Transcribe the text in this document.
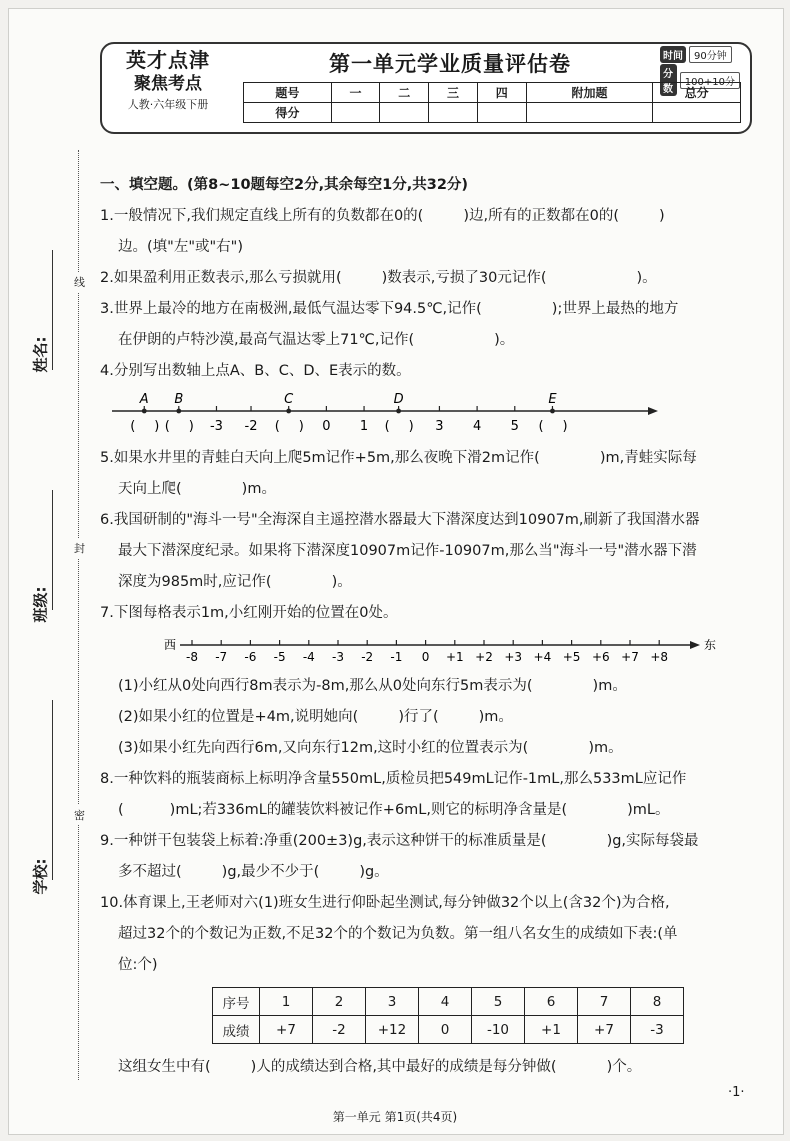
线
封
密
姓名:
班级:
学校:
英才点津
聚焦考点
人教·六年级下册
第一单元学业质量评估卷	时间	90分钟
分数
100+10分
题号	一	二	三	四	附加题	总分
得分						
一、填空题。(第8~10题每空2分,其余每空1分,共32分)
1.一般情况下,我们规定直线上所有的负数都在0的(	)边,所有的正数都在0的(	)
边。(填"左"或"右")
2.如果盈利用正数表示,那么亏损就用(	)数表示,亏损了30元记作(	)。
3.世界上最冷的地方在南极洲,最低气温达零下94.5℃,记作(	);世界上最热的地方
在伊朗的卢特沙漠,最高气温达零上71℃,记作(	)。
4.分别写出数轴上点A、B、C、D、E表示的数。
( )
A
( )
B
-3 -2 ( )
C
0 1 ( )
D
3 4 5 ( )
E
5.如果水井里的青蛙白天向上爬5m记作+5m,那么夜晚下滑2m记作(	)m,青蛙实际每
天向上爬(	)m。
6.我国研制的"海斗一号"全海深自主遥控潜水器最大下潜深度达到10907m,刷新了我国潜水器
最大下潜深度纪录。如果将下潜深度10907m记作-10907m,那么当"海斗一号"潜水器下潜
深度为985m时,应记作(	)。
7.下图每格表示1m,小红刚开始的位置在0处。
西	东
-8 -7 -6 -5 -4 -3 -2 -1 0 +1 +2 +3 +4 +5 +6 +7 +8
(1)小红从0处向西行8m表示为-8m,那么从0处向东行5m表示为(	)m。
(2)如果小红的位置是+4m,说明她向(	)行了(	)m。
(3)如果小红先向西行6m,又向东行12m,这时小红的位置表示为(	)m。
8.一种饮料的瓶装商标上标明净含量550mL,质检员把549mL记作-1mL,那么533mL应记作
(	)mL;若336mL的罐装饮料被记作+6mL,则它的标明净含量是(	)mL。
9.一种饼干包装袋上标着:净重(200±3)g,表示这种饼干的标准质量是(	)g,实际每袋最
多不超过(	)g,最少不少于(	)g。
10.体育课上,王老师对六(1)班女生进行仰卧起坐测试,每分钟做32个以上(含32个)为合格,
超过32个的个数记为正数,不足32个的个数记为负数。第一组八名女生的成绩如下表:(单
位:个)
序号	1	2	3	4	5	6	7	8
成绩	+7	-2	+12	0	-10	+1	+7	-3
这组女生中有(	)人的成绩达到合格,其中最好的成绩是每分钟做(	)个。
·1·
第一单元 第1页(共4页)
